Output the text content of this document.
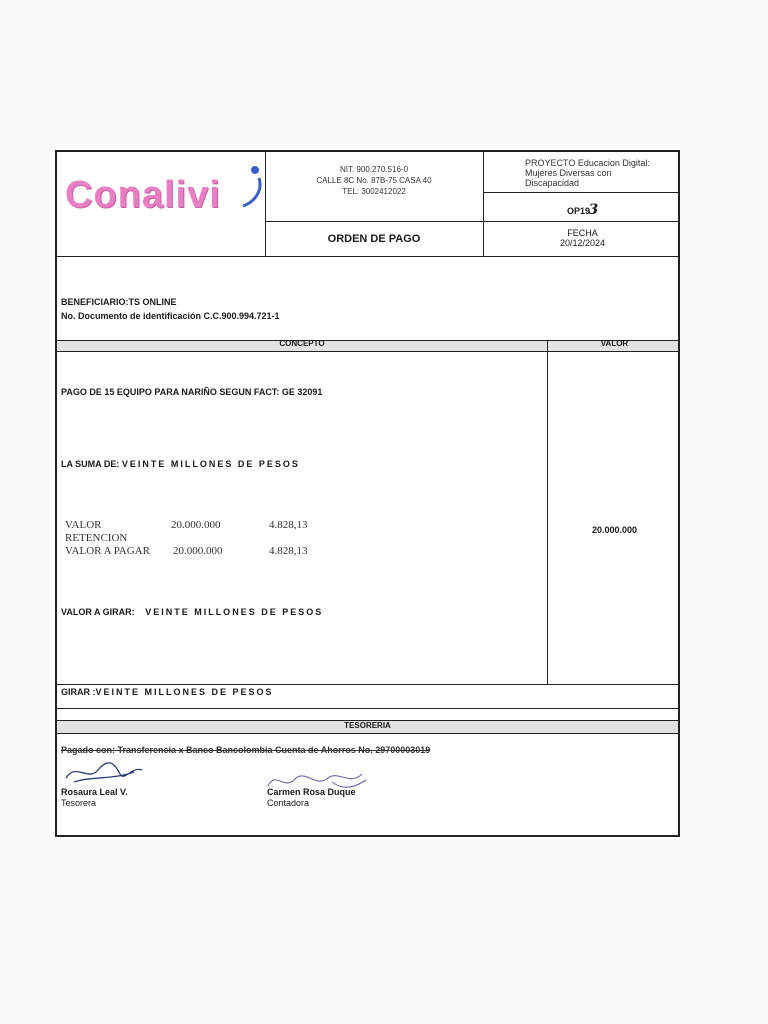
Conalivi
NIT. 900.270.516-0
CALLE 8C No. 87B-75 CASA 40
TEL: 3002412022
ORDEN DE PAGO
PROYECTO Educacion Digital:
Mujeres Diversas con
Discapacidad
OP19 3
FECHA
20/12/2024
BENEFICIARIO:TS ONLINE
No. Documento de identificación C.C.900.994.721-1
CONCEPTO	VALOR
PAGO DE 15 EQUIPO PARA NARIÑO SEGUN FACT: GE 32091
LA SUMA DE: VEINTE MILLONES DE PESOS
VALOR	20.000.000	4.828,13
RETENCION
VALOR A PAGAR 20.000.000	4.828,13
20.000.000
VALOR A GIRAR: VEINTE MILLONES DE PESOS
GIRAR :VEINTE MILLONES DE PESOS
TESORERIA
Pagado con: Transferencia x Banco Bancolombia Cuenta de Ahorros No. 29700003019
Rosaura Leal V.
Tesorera
Carmen Rosa Duque
Contadora
